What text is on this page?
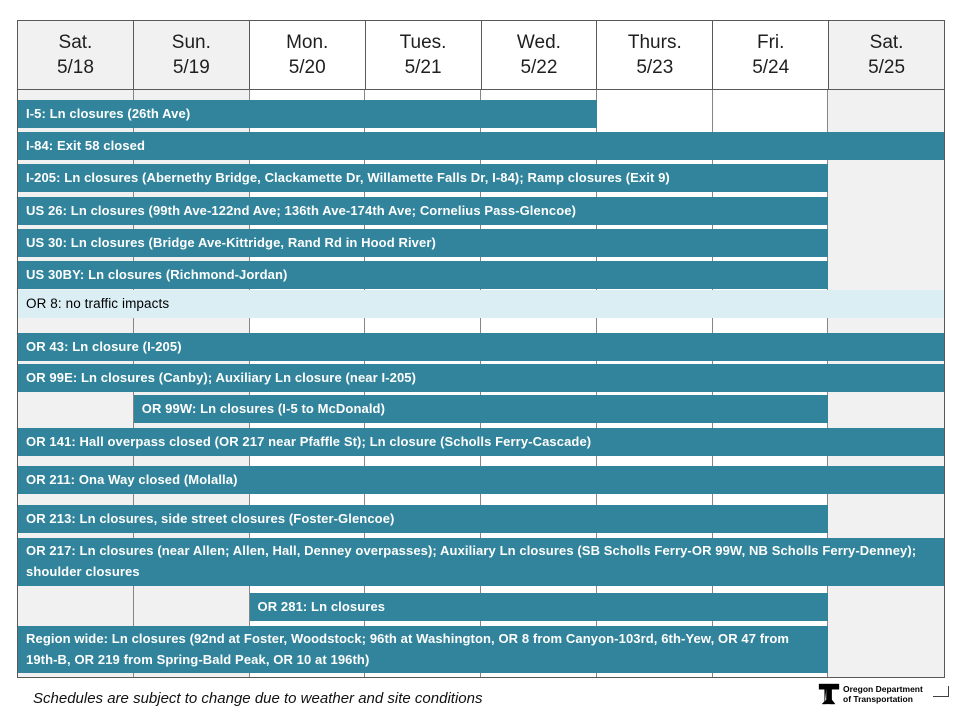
Sat.
5/18
Sun.
5/19
Mon.
5/20
Tues.
5/21
Wed.
5/22
Thurs.
5/23
Fri.
5/24
Sat.
5/25
I-5: Ln closures (26th Ave)
I-84: Exit 58 closed
I-205: Ln closures (Abernethy Bridge, Clackamette Dr, Willamette Falls Dr, I-84); Ramp closures (Exit 9)
US 26: Ln closures (99th Ave-122nd Ave; 136th Ave-174th Ave; Cornelius Pass-Glencoe)
US 30: Ln closures (Bridge Ave-Kittridge, Rand Rd in Hood River)
US 30BY: Ln closures (Richmond-Jordan)
OR 8: no traffic impacts
OR 43: Ln closure (I-205)
OR 99E: Ln closures (Canby); Auxiliary Ln closure (near I-205)
OR 99W: Ln closures (I-5 to McDonald)
OR 141: Hall overpass closed (OR 217 near Pfaffle St); Ln closure (Scholls Ferry-Cascade)
OR 211: Ona Way closed (Molalla)
OR 213: Ln closures, side street closures (Foster-Glencoe)
OR 217: Ln closures (near Allen; Allen, Hall, Denney overpasses); Auxiliary Ln closures (SB Scholls Ferry-OR 99W, NB Scholls Ferry-Denney); shoulder closures
OR 281: Ln closures
Region wide: Ln closures (92nd at Foster, Woodstock; 96th at Washington, OR 8 from Canyon-103rd, 6th-Yew, OR 47 from 19th-B, OR 219 from Spring-Bald Peak, OR 10 at 196th)
Schedules are subject to change due to weather and site conditions
Oregon Department
of Transportation
